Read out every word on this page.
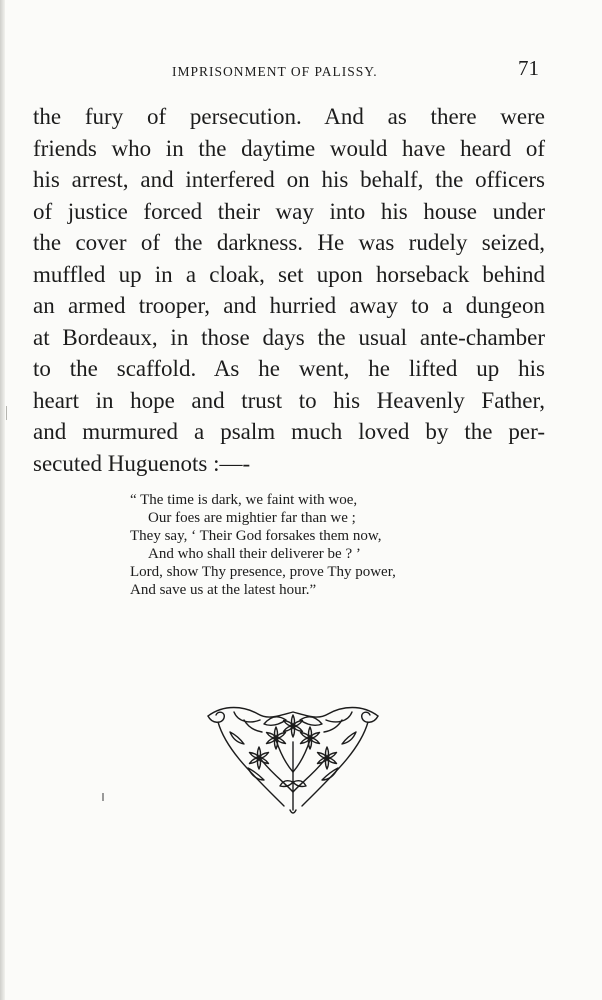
IMPRISONMENT OF PALISSY.	71
the fury of persecution. And as there were
friends who in the daytime would have heard of
his arrest, and interfered on his behalf, the officers
of justice forced their way into his house under
the cover of the darkness. He was rudely seized,
muffled up in a cloak, set upon horseback behind
an armed trooper, and hurried away to a dungeon
at Bordeaux, in those days the usual ante-chamber
to the scaffold. As he went, he lifted up his
heart in hope and trust to his Heavenly Father,
and murmured a psalm much loved by the per-
secuted Huguenots :—-
“ The time is dark, we faint with woe,
Our foes are mightier far than we ;
They say, ‘ Their God forsakes them now,
And who shall their deliverer be ? ’
Lord, show Thy presence, prove Thy power,
And save us at the latest hour.”
